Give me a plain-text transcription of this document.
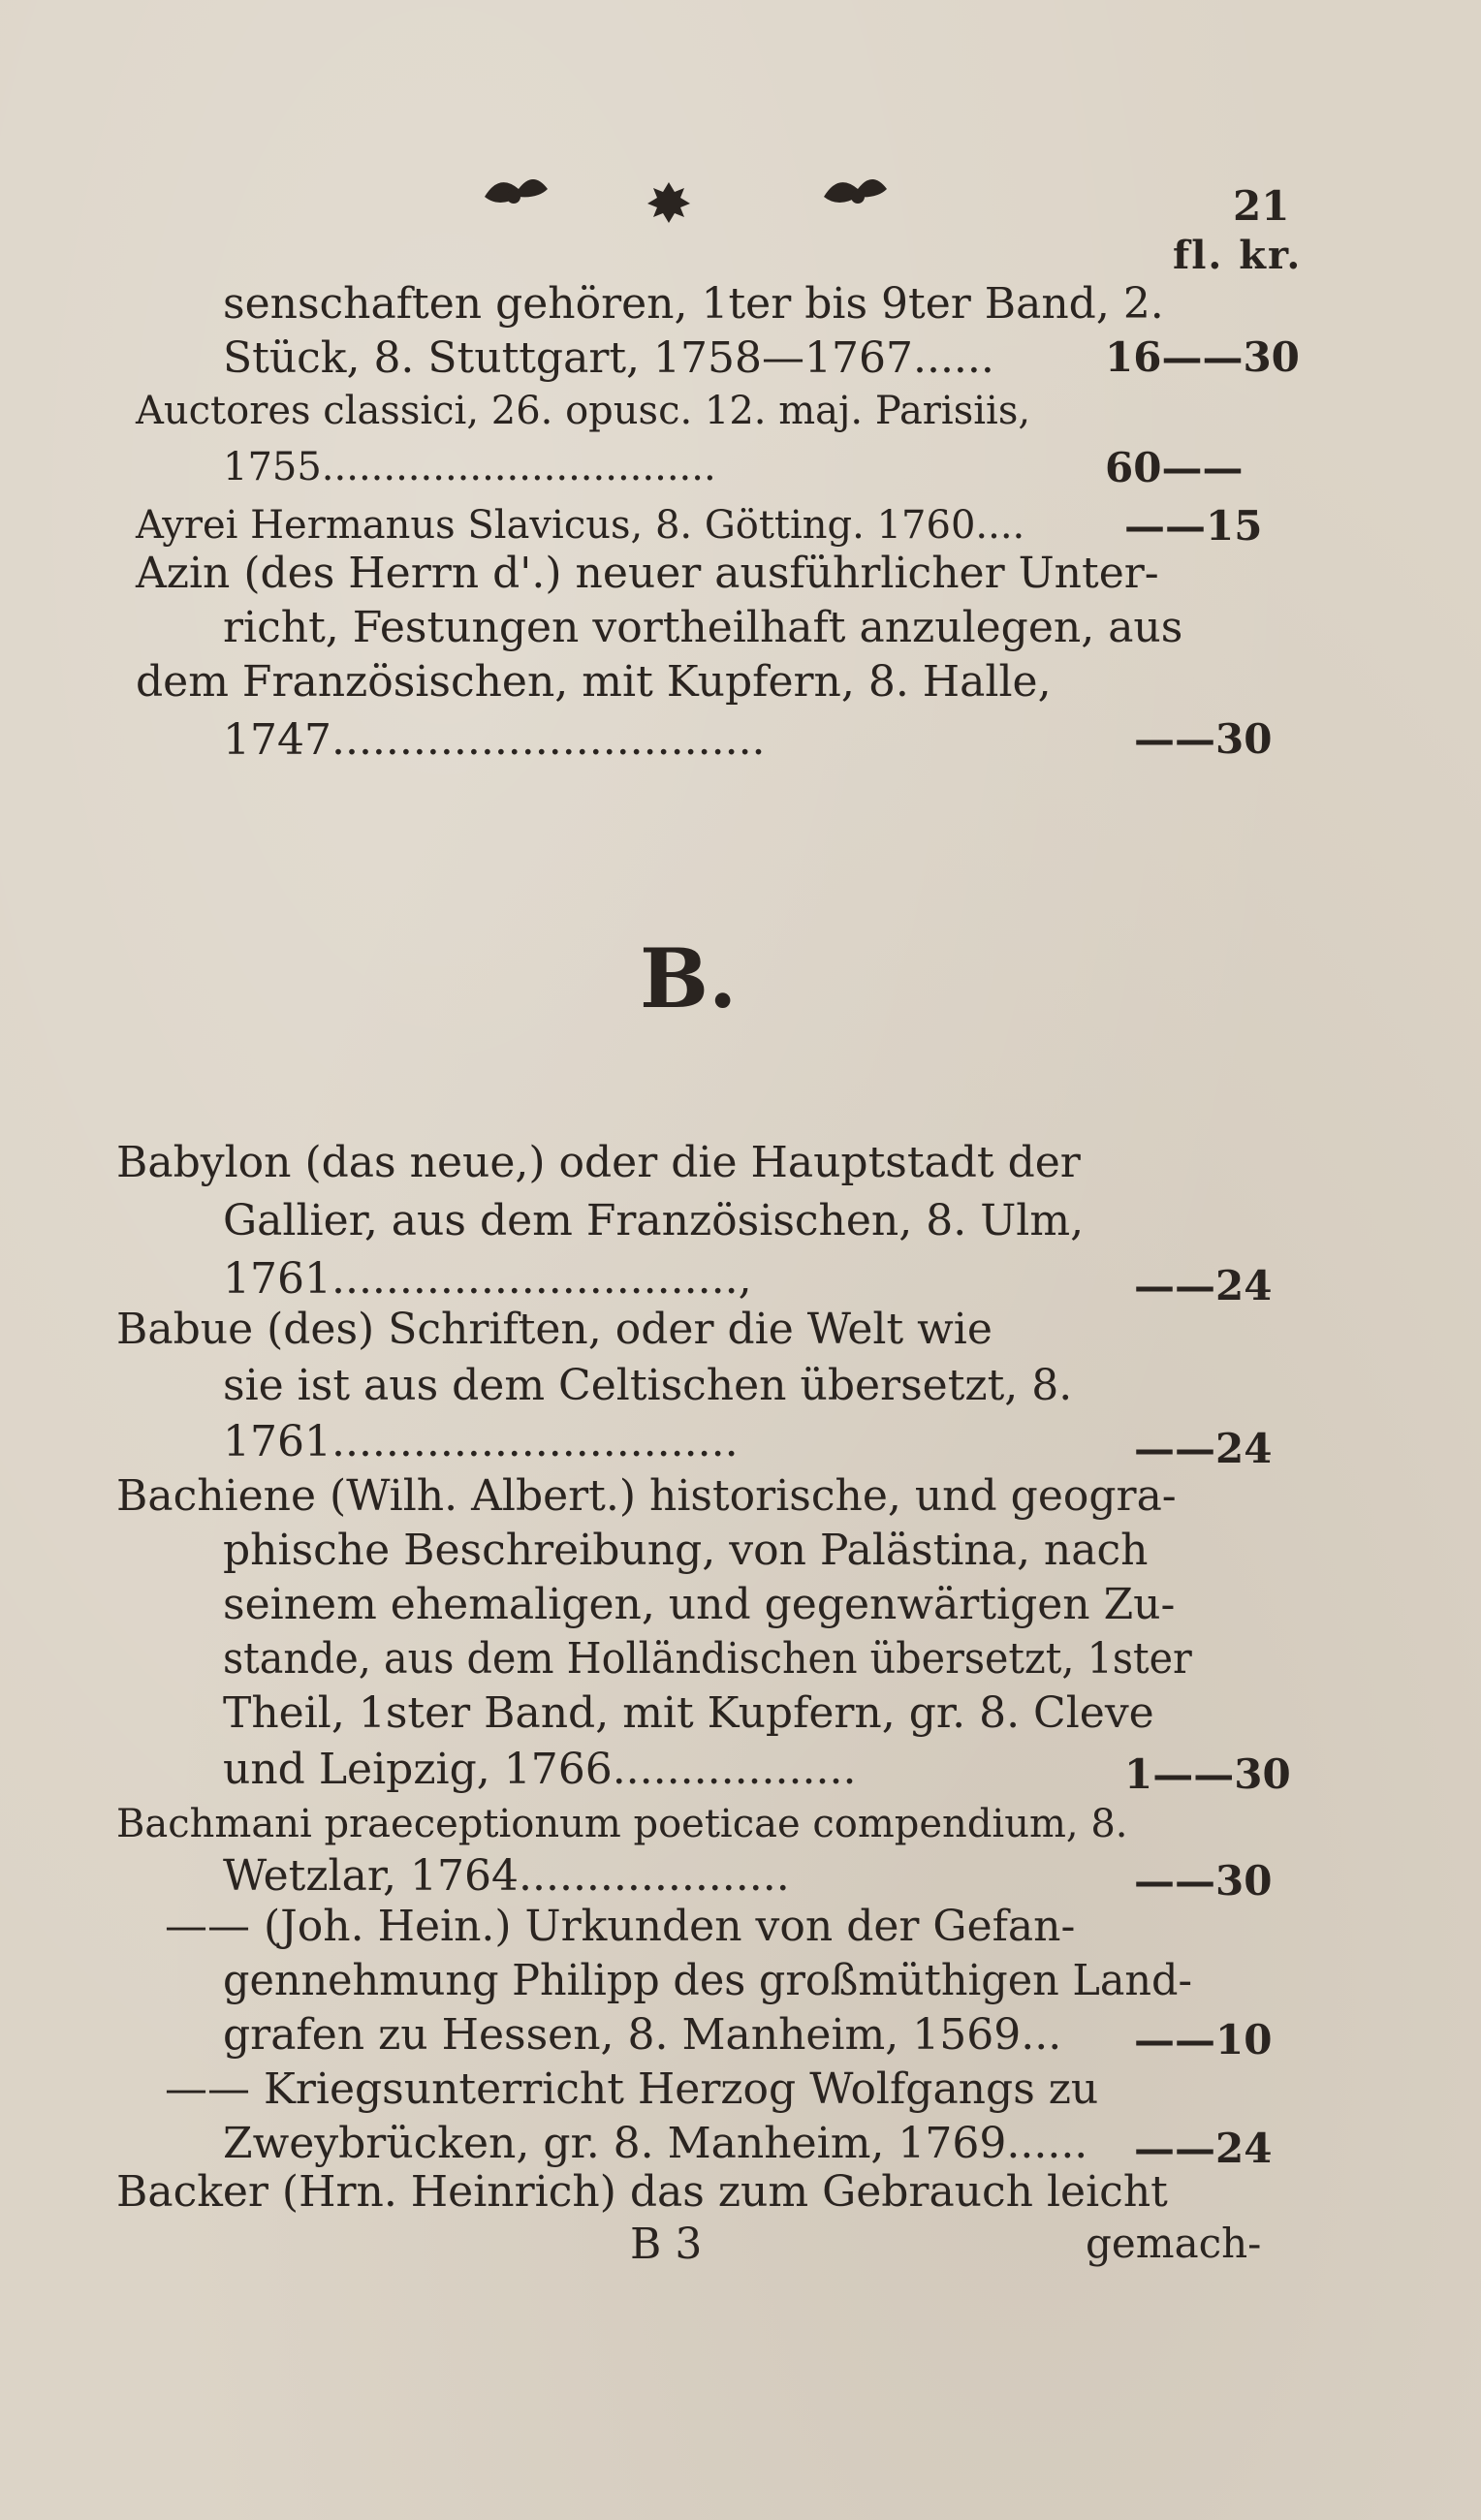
21
fl. kr.
senschaften gehören, 1ter bis 9ter Band, 2.
Stück, 8. Stuttgart, 1758—1767......	16——30
Auctores classici, 26. opusc. 12. maj. Parisiis,
1755................................	60——
Ayrei Hermanus Slavicus, 8. Götting. 1760.... ——15
Azin (des Herrn d'.) neuer ausführlicher Unter-
richt, Festungen vortheilhaft anzulegen, aus
dem Französischen, mit Kupfern, 8. Halle,
1747................................	——30
B.
Babylon (das neue,) oder die Hauptstadt der
Gallier, aus dem Französischen, 8. Ulm,
1761..............................,	——24
Babue (des) Schriften, oder die Welt wie
sie ist aus dem Celtischen übersetzt, 8.
1761..............................	——24
Bachiene (Wilh. Albert.) historische, und geogra-
phische Beschreibung, von Palästina, nach
seinem ehemaligen, und gegenwärtigen Zu-
stande, aus dem Holländischen übersetzt, 1ster
Theil, 1ster Band, mit Kupfern, gr. 8. Cleve
und Leipzig, 1766..................	1——30
Bachmani praeceptionum poeticae compendium, 8.
Wetzlar, 1764....................	——30
—— (Joh. Hein.) Urkunden von der Gefan-
gennehmung Philipp des großmüthigen Land-
grafen zu Hessen, 8. Manheim, 1569... ——10
—— Kriegsunterricht Herzog Wolfgangs zu
Zweybrücken, gr. 8. Manheim, 1769...... ——24
Backer (Hrn. Heinrich) das zum Gebrauch leicht
B 3	gemach-
